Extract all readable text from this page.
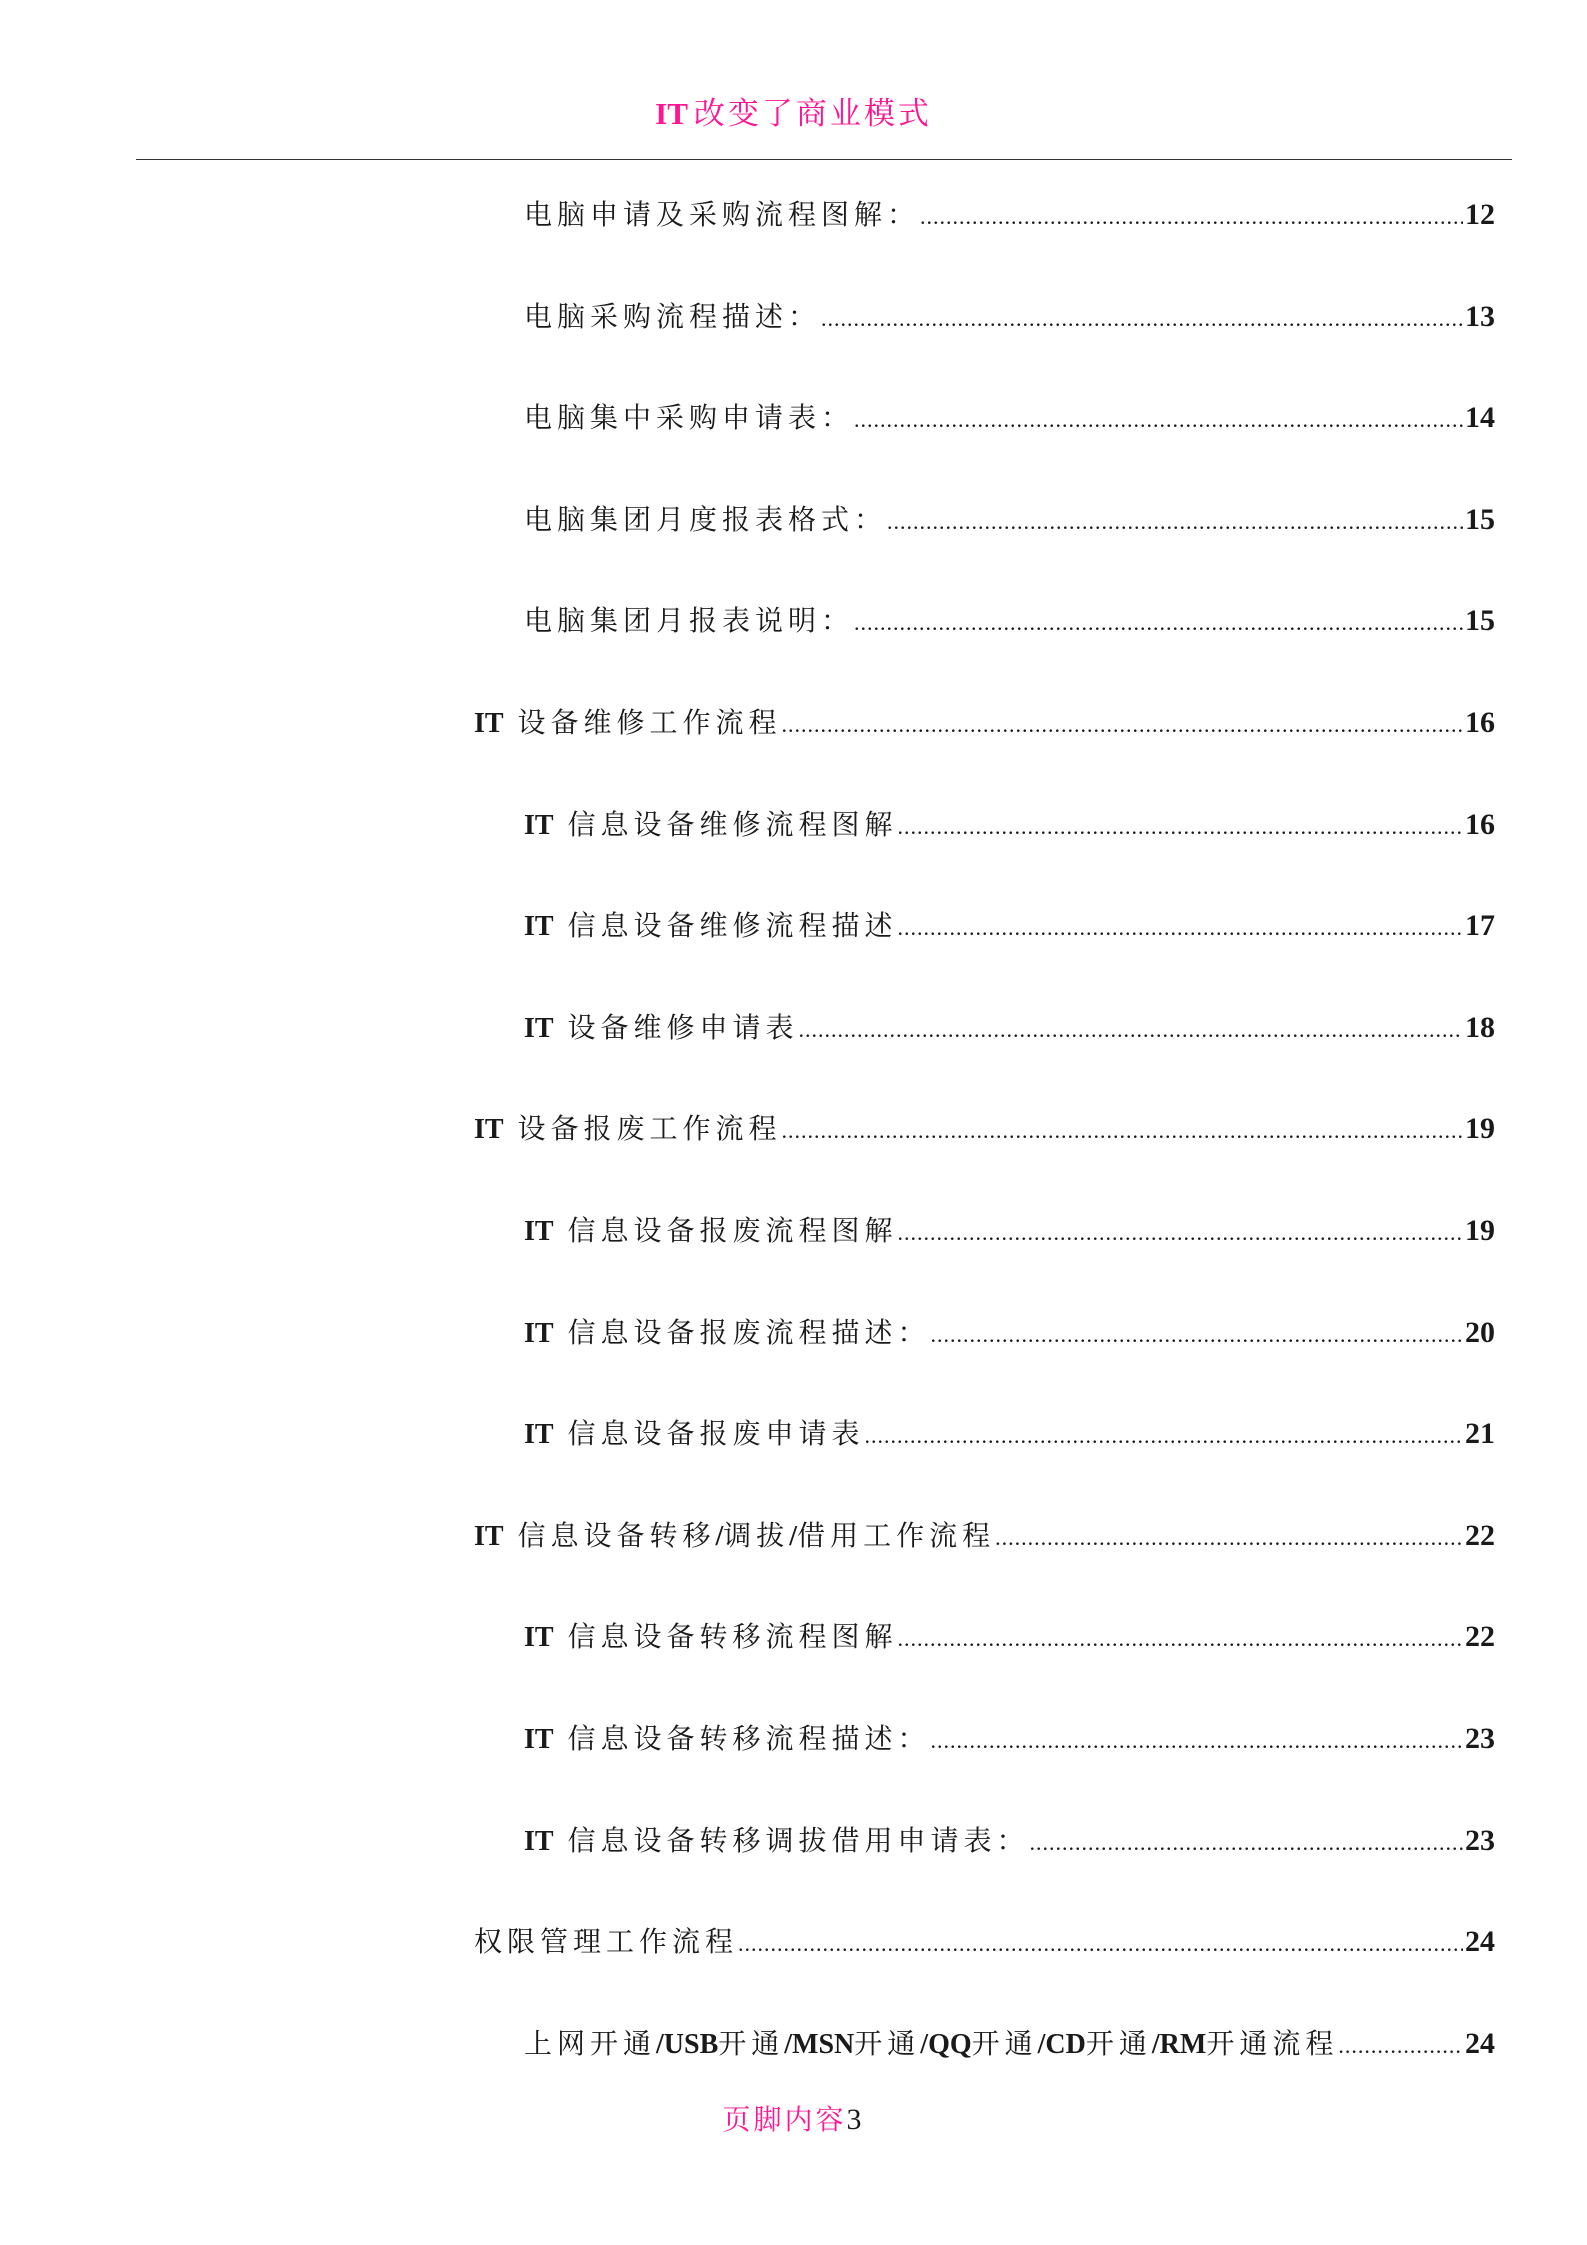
IT 改变了商业模式
电脑申请及采购流程图解： .....	12
电脑采购流程描述： .....	13
电脑集中采购申请表： .....	14
电脑集团月度报表格式： .....	15
电脑集团月报表说明： .....	15
IT 设备维修工作流程 .....	16
IT 信息设备维修流程图解 .....	16
IT 信息设备维修流程描述 .....	17
IT 设备维修申请表 .....	18
IT 设备报废工作流程 .....	19
IT 信息设备报废流程图解 .....	19
IT 信息设备报废流程描述： .....	20
IT 信息设备报废申请表 .....	21
IT 信息设备转移/调拔/借用工作流程 .....	22
IT 信息设备转移流程图解 .....	22
IT 信息设备转移流程描述： .....	23
IT 信息设备转移调拔借用申请表： .....	23
权限管理工作流程 .....	24
上网开通/USB开通/MSN开通/QQ开通/CD开通/RM开通流程 .....	24
页脚内容3
